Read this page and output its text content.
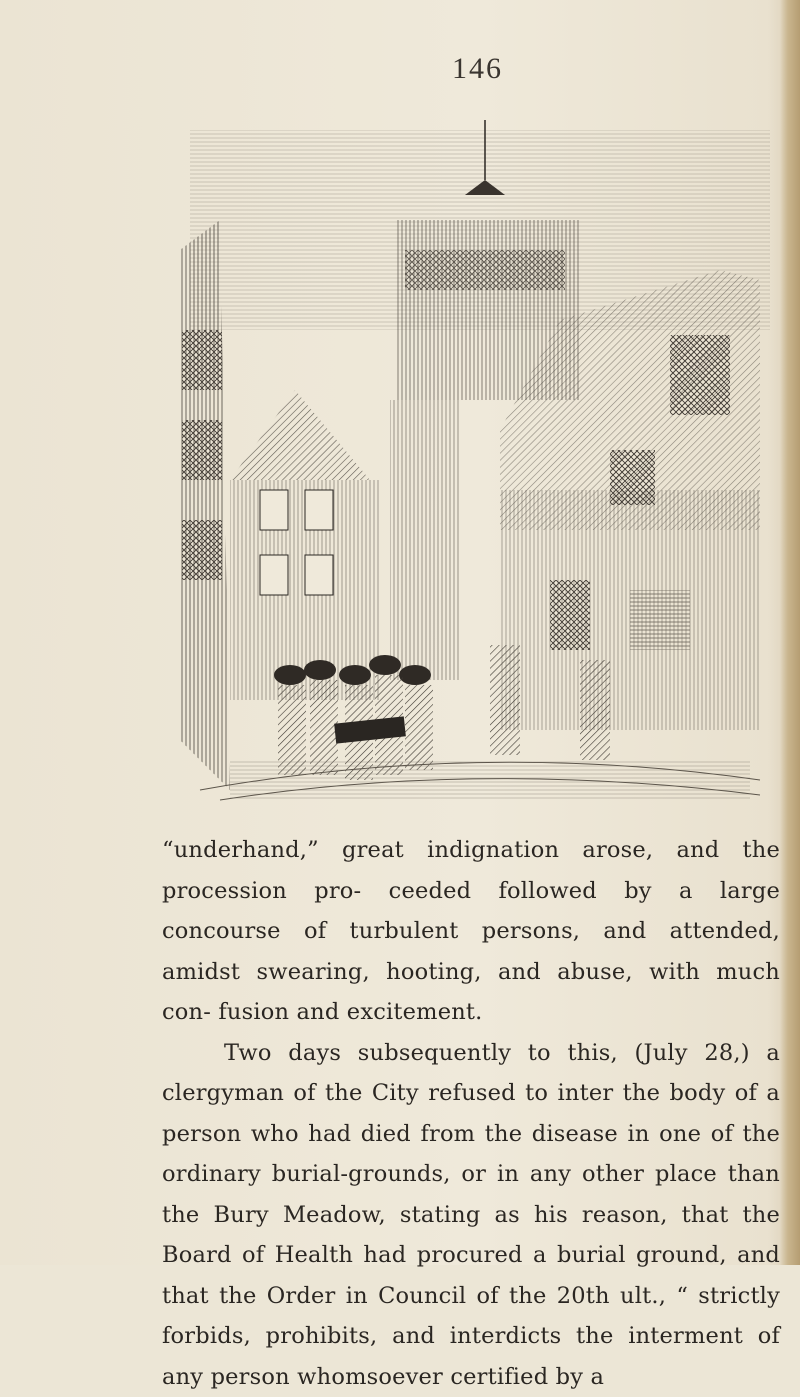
146

“underhand,” great indignation arose, and the procession pro- ceeded followed by a large concourse of turbulent persons, and attended, amidst swearing, hooting, and abuse, with much con- fusion and excitement.

Two days subsequently to this, (July 28,) a clergyman of the City refused to inter the body of a person who had died from the disease in one of the ordinary burial-grounds, or in any other place than the Bury Meadow, stating as his reason, that the Board of Health had procured a burial ground, and that the Order in Council of the 20th ult., “ strictly forbids, prohibits, and interdicts the interment of any person whomsoever certified by a
